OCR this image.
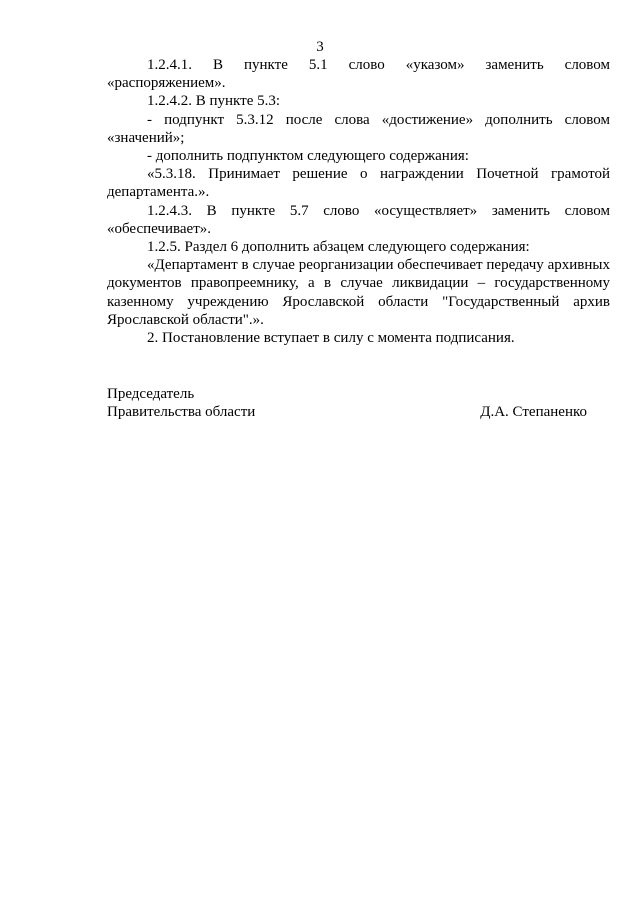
3

1.2.4.1. В пункте 5.1 слово «указом» заменить словом «распоряжением».

1.2.4.2. В пункте 5.3:

- подпункт 5.3.12 после слова «достижение» дополнить словом «значений»;

- дополнить подпунктом следующего содержания:

«5.3.18. Принимает решение о награждении Почетной грамотой департамента.».

1.2.4.3. В пункте 5.7 слово «осуществляет» заменить словом «обеспечивает».

1.2.5. Раздел 6 дополнить абзацем следующего содержания:

«Департамент в случае реорганизации обеспечивает передачу архивных документов правопреемнику, а в случае ликвидации – государственному казенному учреждению Ярославской области "Государственный архив Ярославской области".».

2. Постановление вступает в силу с момента подписания.

Председатель
Правительства области	Д.А. Степаненко
